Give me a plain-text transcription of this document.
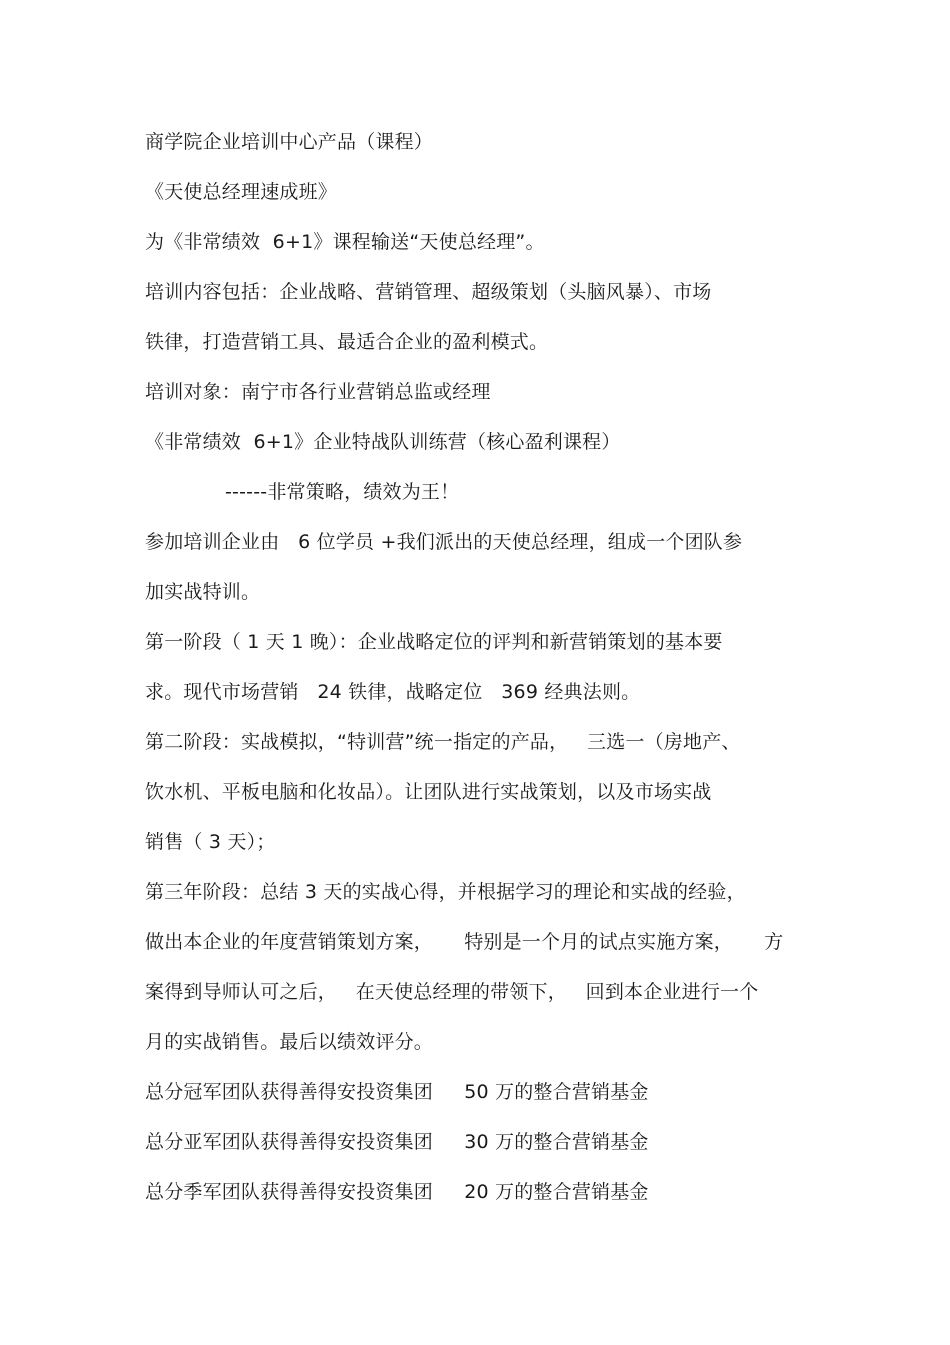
商学院企业培训中心产品（课程）
《天使总经理速成班》
为《非常绩效  6+1》课程输送“天使总经理”。
培训内容包括：企业战略、营销管理、超级策划（头脑风暴）、市场
铁律，打造营销工具、最适合企业的盈利模式。
培训对象：南宁市各行业营销总监或经理
《非常绩效  6+1》企业特战队训练营（核心盈利课程）
------非常策略，绩效为王！
参加培训企业由   6 位学员 +我们派出的天使总经理，组成一个团队参
加实战特训。
第一阶段（ 1 天 1 晚）：企业战略定位的评判和新营销策划的基本要
求。现代市场营销   24 铁律，战略定位   369 经典法则。
第二阶段：实战模拟，“特训营”统一指定的产品，   三选一（房地产、
饮水机、平板电脑和化妆品）。让团队进行实战策划，以及市场实战
销售（ 3 天）；
第三年阶段：总结 3 天的实战心得，并根据学习的理论和实战的经验，
做出本企业的年度营销策划方案，     特别是一个月的试点实施方案，     方
案得到导师认可之后，   在天使总经理的带领下，   回到本企业进行一个
月的实战销售。最后以绩效评分。
总分冠军团队获得善得安投资集团     50 万的整合营销基金
总分亚军团队获得善得安投资集团     30 万的整合营销基金
总分季军团队获得善得安投资集团     20 万的整合营销基金
